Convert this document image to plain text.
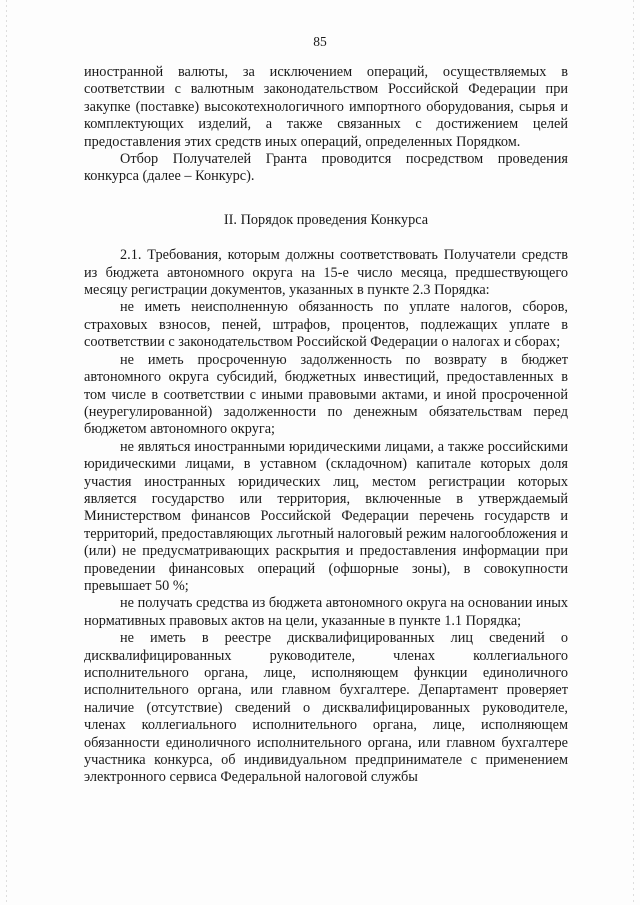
85

иностранной валюты, за исключением операций, осуществляемых в соответствии с валютным законодательством Российской Федерации при закупке (поставке) высокотехнологичного импортного оборудования, сырья и комплектующих изделий, а также связанных с достижением целей предоставления этих средств иных операций, определенных Порядком.

Отбор Получателей Гранта проводится посредством проведения конкурса (далее – Конкурс).

II. Порядок проведения Конкурса

2.1. Требования, которым должны соответствовать Получатели средств из бюджета автономного округа на 15-е число месяца, предшествующего месяцу регистрации документов, указанных в пункте 2.3 Порядка:

не иметь неисполненную обязанность по уплате налогов, сборов, страховых взносов, пеней, штрафов, процентов, подлежащих уплате в соответствии с законодательством Российской Федерации о налогах и сборах;

не иметь просроченную задолженность по возврату в бюджет автономного округа субсидий, бюджетных инвестиций, предоставленных в том числе в соответствии с иными правовыми актами, и иной просроченной (неурегулированной) задолженности по денежным обязательствам перед бюджетом автономного округа;

не являться иностранными юридическими лицами, а также российскими юридическими лицами, в уставном (складочном) капитале которых доля участия иностранных юридических лиц, местом регистрации которых является государство или территория, включенные в утверждаемый Министерством финансов Российской Федерации перечень государств и территорий, предоставляющих льготный налоговый режим налогообложения и (или) не предусматривающих раскрытия и предоставления информации при проведении финансовых операций (офшорные зоны), в совокупности превышает 50 %;

не получать средства из бюджета автономного округа на основании иных нормативных правовых актов на цели, указанные в пункте 1.1 Порядка;

не иметь в реестре дисквалифицированных лиц сведений о дисквалифицированных руководителе, членах коллегиального исполнительного органа, лице, исполняющем функции единоличного исполнительного органа, или главном бухгалтере. Департамент проверяет наличие (отсутствие) сведений о дисквалифицированных руководителе, членах коллегиального исполнительного органа, лице, исполняющем обязанности единоличного исполнительного органа, или главном бухгалтере участника конкурса, об индивидуальном предпринимателе с применением электронного сервиса Федеральной налоговой службы
